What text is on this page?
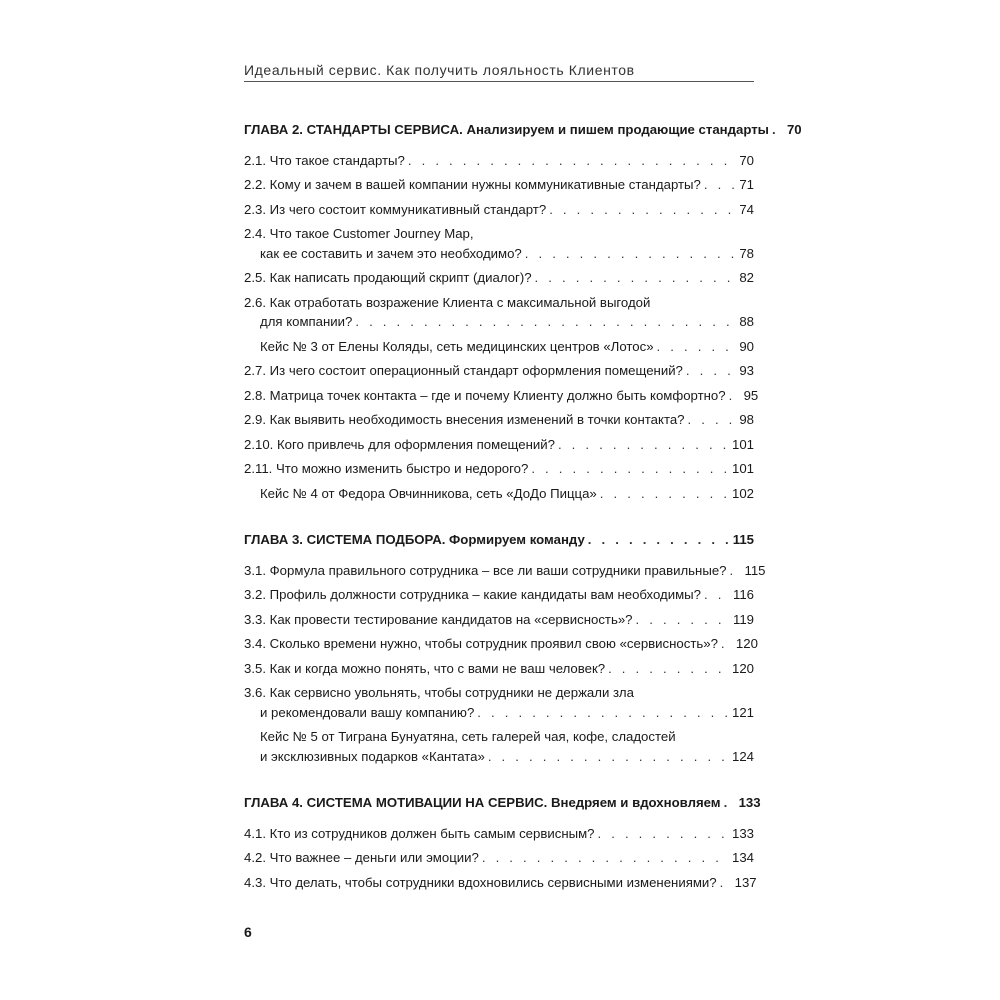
Идеальный сервис. Как получить лояльность Клиентов
ГЛАВА 2. СТАНДАРТЫ СЕРВИСА. Анализируем и пишем продающие стандарты . . . 70
2.1. Что такое стандарты? . . .	70
2.2. Кому и зачем в вашей компании нужны коммуникативные стандарты? . . .	71
2.3. Из чего состоит коммуникативный стандарт? . . .	74
2.4. Что такое Customer Journey Map,
как ее составить и зачем это необходимо? . . .	78
2.5. Как написать продающий скрипт (диалог)? . . .	82
2.6. Как отработать возражение Клиента с максимальной выгодой
для компании? . . .	88
Кейс № 3 от Елены Коляды, сеть медицинских центров «Лотос» . . .	90
2.7. Из чего состоит операционный стандарт оформления помещений? . . .	93
2.8. Матрица точек контакта – где и почему Клиенту должно быть комфортно? . . . 95
2.9. Как выявить необходимость внесения изменений в точки контакта? . . .	98
2.10. Кого привлечь для оформления помещений? . . .	101
2.11. Что можно изменить быстро и недорого? . . .	101
Кейс № 4 от Федора Овчинникова, сеть «ДоДо Пицца» . . .	102
ГЛАВА 3. СИСТЕМА ПОДБОРА. Формируем команду . . .	115
3.1. Формула правильного сотрудника – все ли ваши сотрудники правильные? . . . 115
3.2. Профиль должности сотрудника – какие кандидаты вам необходимы? . . . 116
3.3. Как провести тестирование кандидатов на «сервисность»? . . .	119
3.4. Сколько времени нужно, чтобы сотрудник проявил свою «сервисность»? . . . 120
3.5. Как и когда можно понять, что с вами не ваш человек? . . .	120
3.6. Как сервисно увольнять, чтобы сотрудники не держали зла
и рекомендовали вашу компанию? . . .	121
Кейс № 5 от Тиграна Бунуатяна, сеть галерей чая, кофе, сладостей
и эксклюзивных подарков «Кантата» . . .	124
ГЛАВА 4. СИСТЕМА МОТИВАЦИИ НА СЕРВИС. Внедряем и вдохновляем . . . 133
4.1. Кто из сотрудников должен быть самым сервисным? . . .	133
4.2. Что важнее – деньги или эмоции? . . .	134
4.3. Что делать, чтобы сотрудники вдохновились сервисными изменениями? . . . 137
6
